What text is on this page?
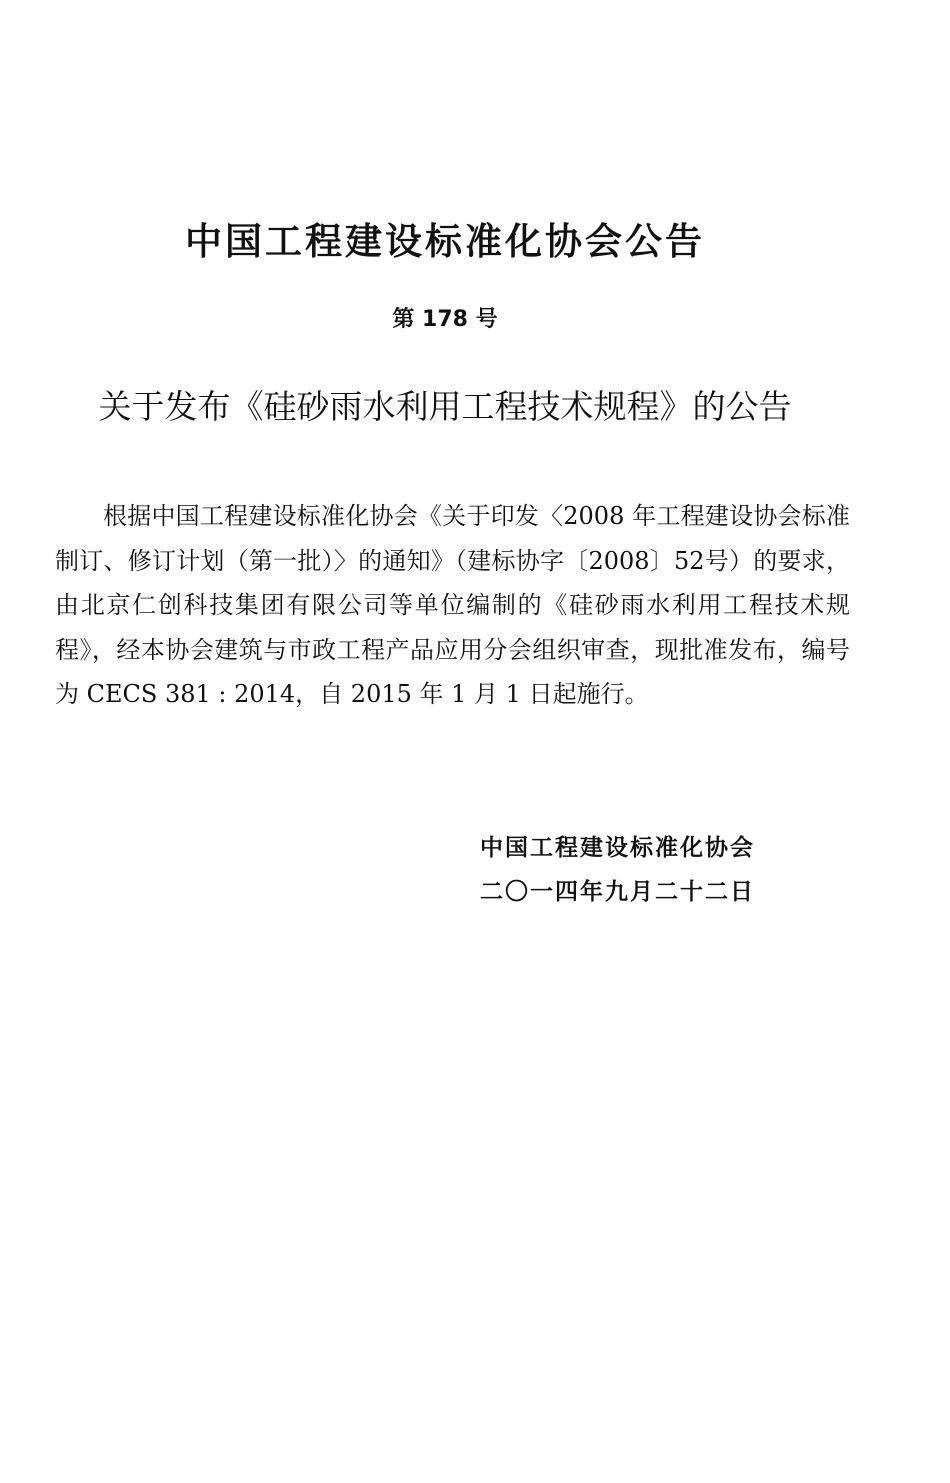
中国工程建设标准化协会公告
第 178 号
关于发布《硅砂雨水利用工程技术规程》的公告

根据中国工程建设标准化协会《关于印发〈2008 年工程建设协会标准制订、修订计划（第一批）〉的通知》（建标协字〔2008〕52号）的要求，由北京仁创科技集团有限公司等单位编制的《硅砂雨水利用工程技术规程》，经本协会建筑与市政工程产品应用分会组织审查，现批准发布，编号为 CECS 381 : 2014，自 2015 年 1 月 1 日起施行。

中国工程建设标准化协会
二〇一四年九月二十二日
